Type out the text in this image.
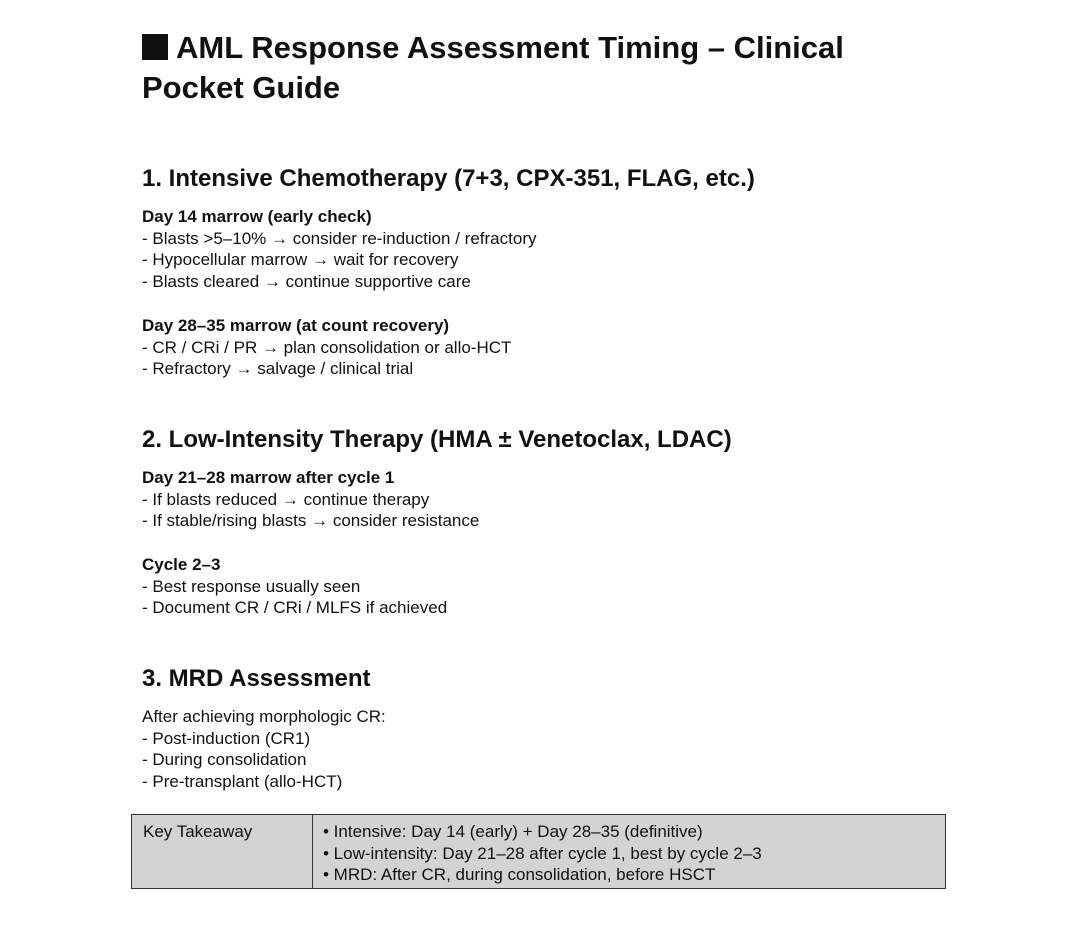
AML Response Assessment Timing – Clinical Pocket Guide
1. Intensive Chemotherapy (7+3, CPX-351, FLAG, etc.)
Day 14 marrow (early check)
- Blasts >5–10% → consider re-induction / refractory
- Hypocellular marrow → wait for recovery
- Blasts cleared → continue supportive care
Day 28–35 marrow (at count recovery)
- CR / CRi / PR → plan consolidation or allo-HCT
- Refractory → salvage / clinical trial
2. Low-Intensity Therapy (HMA ± Venetoclax, LDAC)
Day 21–28 marrow after cycle 1
- If blasts reduced → continue therapy
- If stable/rising blasts → consider resistance
Cycle 2–3
- Best response usually seen
- Document CR / CRi / MLFS if achieved
3. MRD Assessment
After achieving morphologic CR:
- Post-induction (CR1)
- During consolidation
- Pre-transplant (allo-HCT)
Key Takeaway	• Intensive: Day 14 (early) + Day 28–35 (definitive)
• Low-intensity: Day 21–28 after cycle 1, best by cycle 2–3
• MRD: After CR, during consolidation, before HSCT
